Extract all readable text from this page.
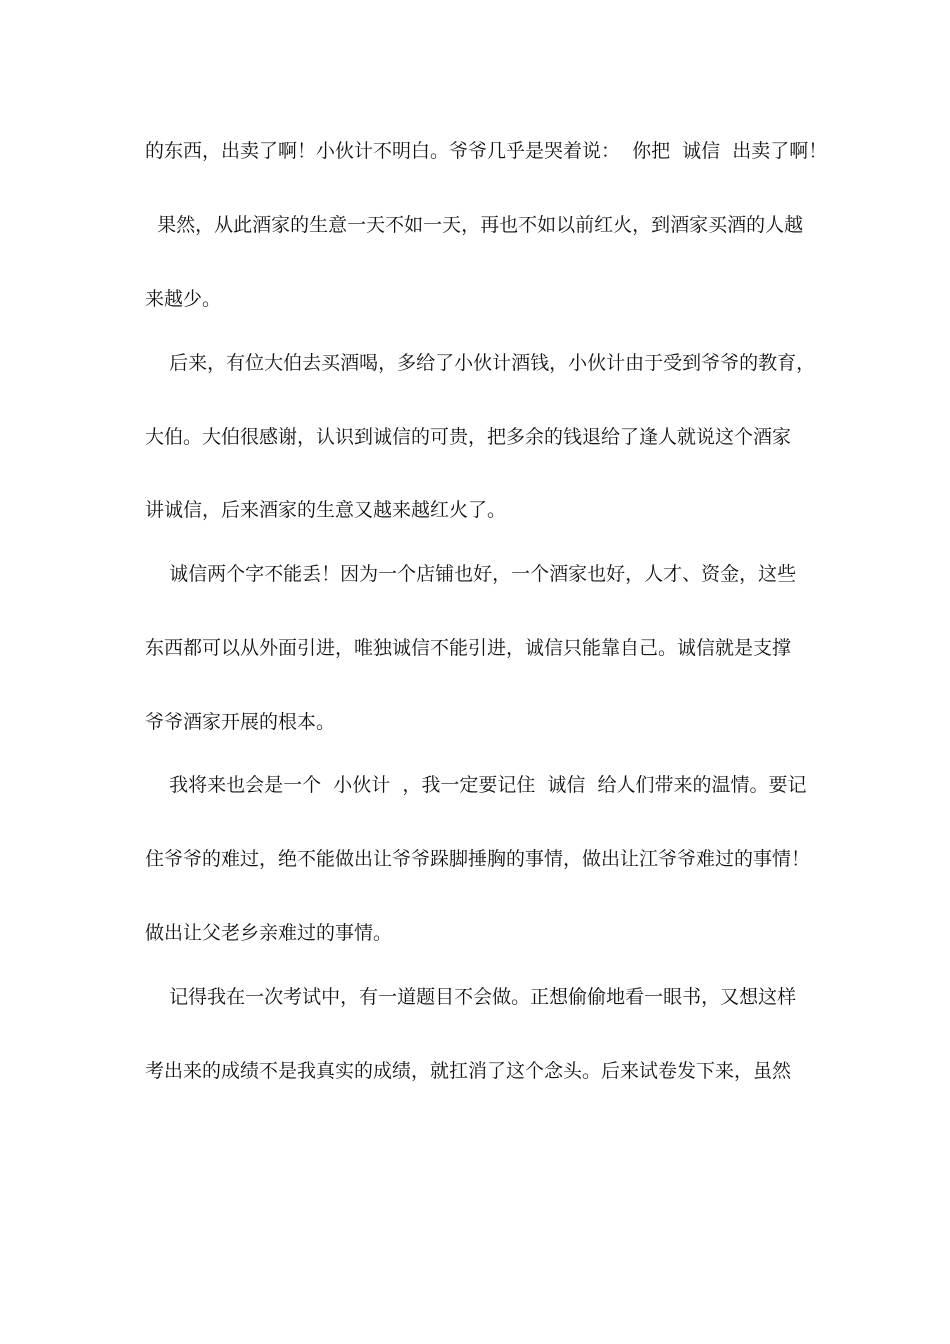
的东西，出卖了啊！小伙计不明白。爷爷几乎是哭着说：  你把  诚信  出卖了啊！
果然，从此酒家的生意一天不如一天，再也不如以前红火，到酒家买酒的人越
来越少。
后来，有位大伯去买酒喝，多给了小伙计酒钱，小伙计由于受到爷爷的教育，
大伯。大伯很感谢，认识到诚信的可贵，把多余的钱退给了逢人就说这个酒家
讲诚信，后来酒家的生意又越来越红火了。
诚信两个字不能丢！因为一个店铺也好，一个酒家也好，人才、资金，这些
东西都可以从外面引进，唯独诚信不能引进，诚信只能靠自己。诚信就是支撑
爷爷酒家开展的根本。
我将来也会是一个  小伙计  ，我一定要记住  诚信  给人们带来的温情。要记
住爷爷的难过，绝不能做出让爷爷跺脚捶胸的事情，做出让江爷爷难过的事情！
做出让父老乡亲难过的事情。
记得我在一次考试中，有一道题目不会做。正想偷偷地看一眼书，又想这样
考出来的成绩不是我真实的成绩，就扛消了这个念头。后来试卷发下来，虽然
